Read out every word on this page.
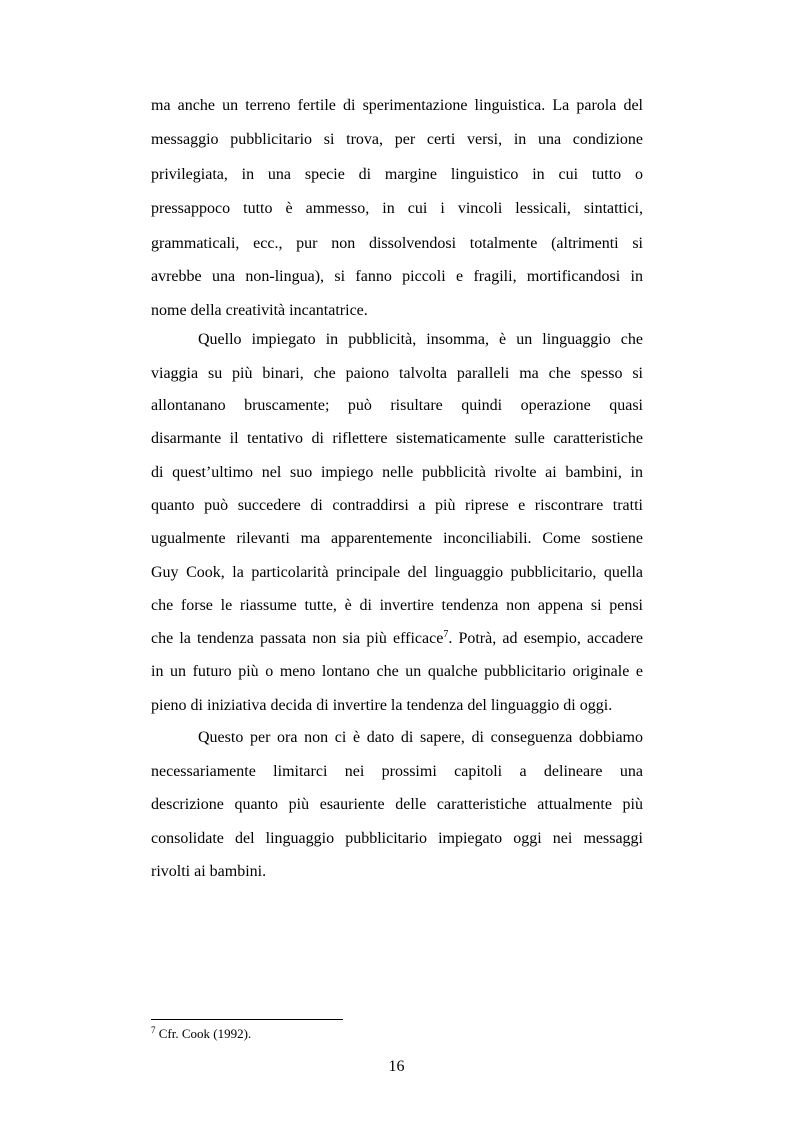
ma anche un terreno fertile di sperimentazione linguistica. La parola del
messaggio pubblicitario si trova, per certi versi, in una condizione
privilegiata, in una specie di margine linguistico in cui tutto o
pressappoco tutto è ammesso, in cui i vincoli lessicali, sintattici,
grammaticali, ecc., pur non dissolvendosi totalmente (altrimenti si
avrebbe una non-lingua), si fanno piccoli e fragili, mortificandosi in
nome della creatività incantatrice.
Quello impiegato in pubblicità, insomma, è un linguaggio che
viaggia su più binari, che paiono talvolta paralleli ma che spesso si
allontanano bruscamente; può risultare quindi operazione quasi
disarmante il tentativo di riflettere sistematicamente sulle caratteristiche
di quest’ultimo nel suo impiego nelle pubblicità rivolte ai bambini, in
quanto può succedere di contraddirsi a più riprese e riscontrare tratti
ugualmente rilevanti ma apparentemente inconciliabili. Come sostiene
Guy Cook, la particolarità principale del linguaggio pubblicitario, quella
che forse le riassume tutte, è di invertire tendenza non appena si pensi
che la tendenza passata non sia più efficace$^7$. Potrà, ad esempio, accadere
in un futuro più o meno lontano che un qualche pubblicitario originale e
pieno di iniziativa decida di invertire la tendenza del linguaggio di oggi.
Questo per ora non ci è dato di sapere, di conseguenza dobbiamo
necessariamente limitarci nei prossimi capitoli a delineare una
descrizione quanto più esauriente delle caratteristiche attualmente più
consolidate del linguaggio pubblicitario impiegato oggi nei messaggi
rivolti ai bambini.
$^7$ Cfr. Cook (1992).
16
